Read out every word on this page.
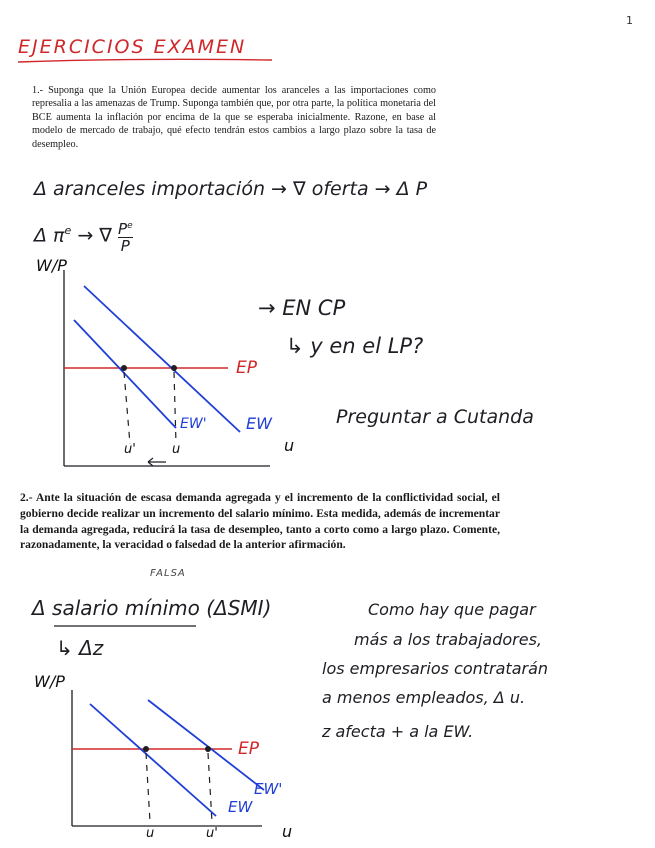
1
EJERCICIOS EXAMEN
1.- Suponga que la Unión Europea decide aumentar los aranceles a las importaciones como represalia a las amenazas de Trump. Suponga también que, por otra parte, la política monetaria del BCE aumenta la inflación por encima de la que se esperaba inicialmente. Razone, en base al modelo de mercado de trabajo, qué efecto tendrán estos cambios a largo plazo sobre la tasa de desempleo.
Δ aranceles importación → ∇ oferta → Δ P
Δ $\pi^e$ → ∇ $\frac{P^e}{P}$
W/P
u
EP
EW' EW
u'	u
→ EN CP
↳ y en el LP?
Preguntar a Cutanda
2.- Ante la situación de escasa demanda agregada y el incremento de la conflictividad social, el gobierno decide realizar un incremento del salario mínimo. Esta medida, además de incrementar la demanda agregada, reducirá la tasa de desempleo, tanto a corto como a largo plazo. Comente, razonadamente, la veracidad o falsedad de la anterior afirmación.
FALSA
Δ salario mínimo (ΔSMI)
↳ Δz
Como hay que pagar
más a los trabajadores,
los empresarios contratarán
a menos empleados, Δ u.
z afecta + a la EW.
W/P
u
EP
EW
EW'
u	u'
